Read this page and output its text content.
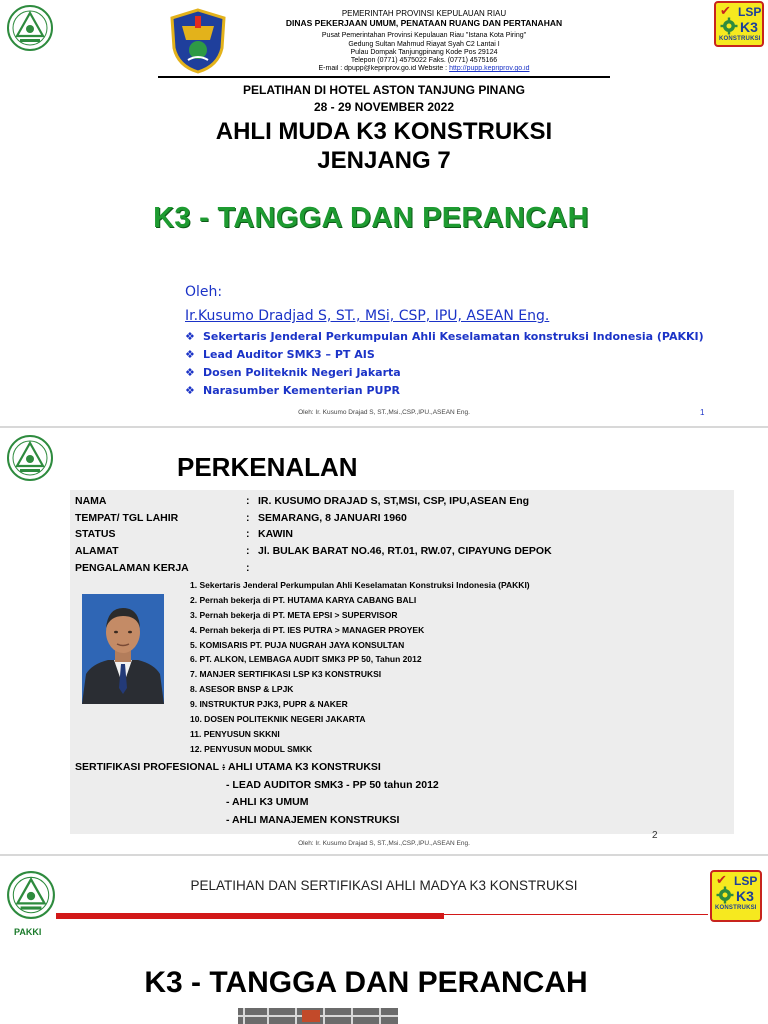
PEMERINTAH PROVINSI KEPULAUAN RIAU
DINAS PEKERJAAN UMUM, PENATAAN RUANG DAN PERTANAHAN
Pusat Pemerintahan Provinsi Kepulauan Riau "Istana Kota Piring"
Gedung Sultan Mahmud Riayat Syah C2 Lantai I
Pulau Dompak Tanjungpinang Kode Pos 29124
Telepon (0771) 4575022 Faks. (0771) 4575166
E-mail : dpupp@kepriprov.go.id Website : http://pupp.kepriprov.go.id
✔ LSP
K3
KONSTRUKSI
PELATIHAN DI HOTEL ASTON TANJUNG PINANG
28 - 29 NOVEMBER 2022
AHLI MUDA K3 KONSTRUKSI
JENJANG 7
K3 - TANGGA DAN PERANCAH
Oleh:
Ir.Kusumo Dradjad S, ST., MSi, CSP, IPU, ASEAN Eng.
❖ Sekertaris Jenderal Perkumpulan Ahli Keselamatan konstruksi Indonesia (PAKKI)
❖ Lead Auditor SMK3 – PT AIS
❖ Dosen Politeknik Negeri Jakarta
❖ Narasumber Kementerian PUPR
Oleh: Ir. Kusumo Drajad S, ST.,Msi.,CSP.,IPU.,ASEAN Eng.	1
PERKENALAN
NAMA	: IR. KUSUMO DRAJAD S, ST,MSI, CSP, IPU,ASEAN Eng
TEMPAT/ TGL LAHIR	: SEMARANG, 8 JANUARI 1960
STATUS	: KAWIN
ALAMAT	: Jl. BULAK BARAT NO.46, RT.01, RW.07, CIPAYUNG DEPOK
PENGALAMAN KERJA	:
1. Sekertaris Jenderal Perkumpulan Ahli Keselamatan Konstruksi Indonesia (PAKKI)
2. Pernah bekerja di PT. HUTAMA KARYA CABANG BALI
3. Pernah bekerja di PT. META EPSI > SUPERVISOR
4. Pernah bekerja di PT. IES PUTRA > MANAGER PROYEK
5. KOMISARIS PT. PUJA NUGRAH JAYA KONSULTAN
6. PT. ALKON, LEMBAGA AUDIT SMK3 PP 50, Tahun 2012
7. MANJER SERTIFIKASI LSP K3 KONSTRUKSI
8. ASESOR BNSP & LPJK
9. INSTRUKTUR PJK3, PUPR & NAKER
10. DOSEN POLITEKNIK NEGERI JAKARTA
11. PENYUSUN SKKNI
12. PENYUSUN MODUL SMKK
SERTIFIKASI PROFESIONAL :
- AHLI UTAMA K3 KONSTRUKSI
- LEAD AUDITOR SMK3 - PP 50 tahun 2012
- AHLI K3 UMUM
- AHLI MANAJEMEN KONSTRUKSI
2
Oleh: Ir. Kusumo Drajad S, ST.,Msi.,CSP.,IPU.,ASEAN Eng.
PAKKI
PELATIHAN DAN SERTIFIKASI AHLI MADYA K3 KONSTRUKSI	✔ LSP
K3
KONSTRUKSI
K3 - TANGGA DAN PERANCAH
